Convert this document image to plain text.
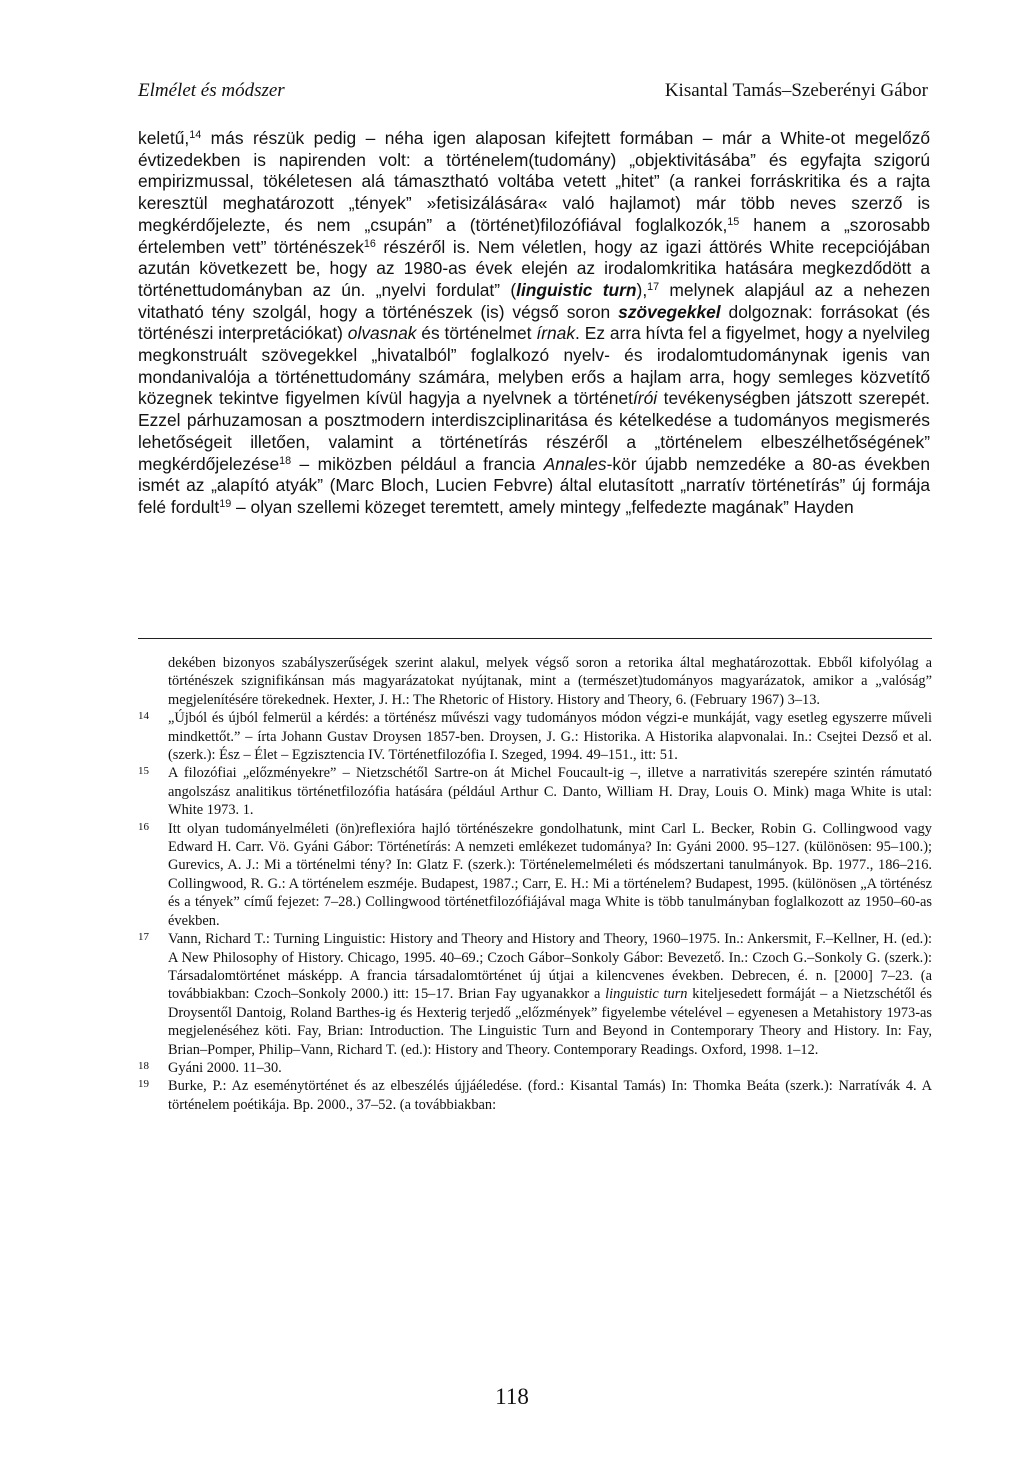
Elmélet és módszer	Kisantal Tamás–Szeberényi Gábor
keletű,$^{14}$ más részük pedig – néha igen alaposan kifejtett formában – már a White-ot megelőző évtizedekben is napirenden volt: a történelem(tudomány) „objektivitásába” és egyfajta szigorú empirizmussal, tökéletesen alá támasztható voltába vetett „hitet” (a rankei forráskritika és a rajta keresztül meghatározott „tények” »fetisizálására« való hajlamot) már több neves szerző is megkérdőjelezte, és nem „csupán” a (történet)filozófiával foglalkozók,$^{15}$ hanem a „szorosabb értelemben vett” történészek$^{16}$ részéről is. Nem véletlen, hogy az igazi áttörés White recepciójában azután következett be, hogy az 1980-as évek elején az irodalomkritika hatására megkezdődött a történettudományban az ún. „nyelvi fordulat” (linguistic turn),$^{17}$ melynek alapjául az a nehezen vitatható tény szolgál, hogy a történészek (is) végső soron szövegekkel dolgoznak: forrásokat (és történészi interpretációkat) olvasnak és történelmet írnak. Ez arra hívta fel a figyelmet, hogy a nyelvileg megkonstruált szövegekkel „hivatalból” foglalkozó nyelv- és irodalomtudománynak igenis van mondanivalója a történettudomány számára, melyben erős a hajlam arra, hogy semleges közvetítő közegnek tekintve figyelmen kívül hagyja a nyelvnek a történetírói tevékenységben játszott szerepét. Ezzel párhuzamosan a posztmodern interdiszciplinaritása és kételkedése a tudományos megismerés lehetőségeit illetően, valamint a történetírás részéről a „történelem elbeszélhetőségének” megkérdőjelezése$^{18}$ – miközben például a francia Annales-kör újabb nemzedéke a 80-as években ismét az „alapító atyák” (Marc Bloch, Lucien Febvre) által elutasított „narratív történetírás” új formája felé fordult$^{19}$ – olyan szellemi közeget teremtett, amely mintegy „felfedezte magának” Hayden

dekében bizonyos szabályszerűségek szerint alakul, melyek végső soron a retorika által meghatározottak. Ebből kifolyólag a történészek szignifikánsan más magyarázatokat nyújtanak, mint a (természet)tudományos magyarázatok, amikor a „valóság” megjelenítésére törekednek. Hexter, J. H.: The Rhetoric of History. History and Theory, 6. (February 1967) 3–13.

14 „Újból és újból felmerül a kérdés: a történész művészi vagy tudományos módon végzi-e munkáját, vagy esetleg egyszerre műveli mindkettőt.” – írta Johann Gustav Droysen 1857-ben. Droysen, J. G.: Historika. A Historika alapvonalai. In.: Csejtei Dezső et al. (szerk.): Ész – Élet – Egzisztencia IV. Történetfilozófia I. Szeged, 1994. 49–151., itt: 51.

15 A filozófiai „előzményekre” – Nietzschétől Sartre-on át Michel Foucault-ig –, illetve a narrativitás szerepére szintén rámutató angolszász analitikus történetfilozófia hatására (például Arthur C. Danto, William H. Dray, Louis O. Mink) maga White is utal: White 1973. 1.

16 Itt olyan tudományelméleti (ön)reflexióra hajló történészekre gondolhatunk, mint Carl L. Becker, Robin G. Collingwood vagy Edward H. Carr. Vö. Gyáni Gábor: Történetírás: A nemzeti emlékezet tudománya? In: Gyáni 2000. 95–127. (különösen: 95–100.); Gurevics, A. J.: Mi a történelmi tény? In: Glatz F. (szerk.): Történelemelméleti és módszertani tanulmányok. Bp. 1977., 186–216. Collingwood, R. G.: A történelem eszméje. Budapest, 1987.; Carr, E. H.: Mi a történelem? Budapest, 1995. (különösen „A történész és a tények” című fejezet: 7–28.) Collingwood történetfilozófiájával maga White is több tanulmányban foglalkozott az 1950–60-as években.

17 Vann, Richard T.: Turning Linguistic: History and Theory and History and Theory, 1960–1975. In.: Ankersmit, F.–Kellner, H. (ed.): A New Philosophy of History. Chicago, 1995. 40–69.; Czoch Gábor–Sonkoly Gábor: Bevezető. In.: Czoch G.–Sonkoly G. (szerk.): Társadalomtörténet másképp. A francia társadalomtörténet új útjai a kilencvenes években. Debrecen, é. n. [2000] 7–23. (a továbbiakban: Czoch–Sonkoly 2000.) itt: 15–17. Brian Fay ugyanakkor a linguistic turn kiteljesedett formáját – a Nietzschétől és Droysentől Dantoig, Roland Barthes-ig és Hexterig terjedő „előzmények” figyelembe vételével – egyenesen a Metahistory 1973-as megjelenéséhez köti. Fay, Brian: Introduction. The Linguistic Turn and Beyond in Contemporary Theory and History. In: Fay, Brian–Pomper, Philip–Vann, Richard T. (ed.): History and Theory. Contemporary Readings. Oxford, 1998. 1–12.

18 Gyáni 2000. 11–30.

19 Burke, P.: Az eseménytörténet és az elbeszélés újjáéledése. (ford.: Kisantal Tamás) In: Thomka Beáta (szerk.): Narratívák 4. A történelem poétikája. Bp. 2000., 37–52. (a továbbiakban:

118
